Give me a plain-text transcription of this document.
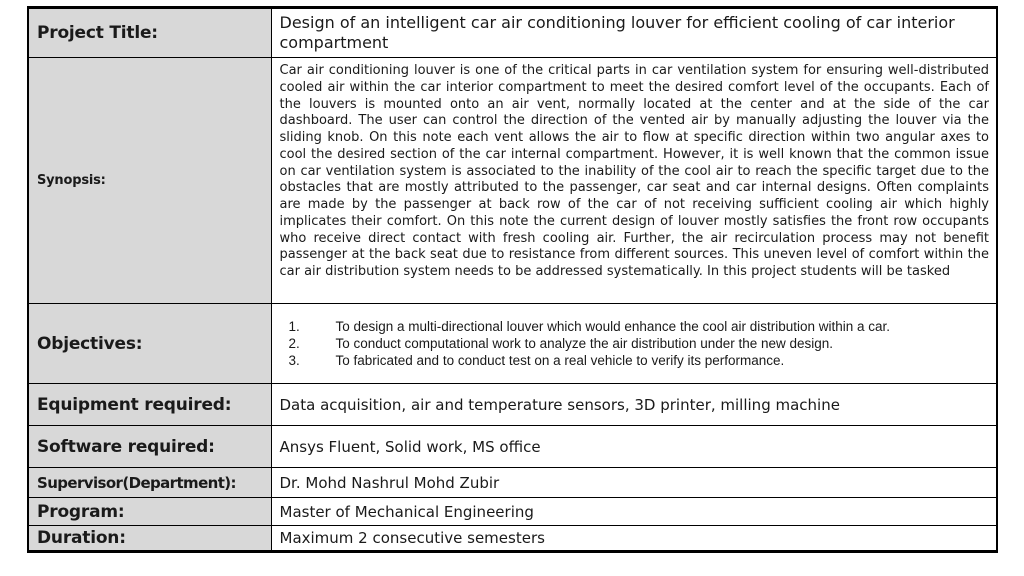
Project Title:	Design of an intelligent car air conditioning louver for efficient cooling of car interior compartment
Synopsis:	Car air conditioning louver is one of the critical parts in car ventilation system for ensuring well-distributed cooled air within the car interior compartment to meet the desired comfort level of the occupants. Each of the louvers is mounted onto an air vent, normally located at the center and at the side of the car dashboard. The user can control the direction of the vented air by manually adjusting the louver via the sliding knob. On this note each vent allows the air to flow at specific direction within two angular axes to cool the desired section of the car internal compartment. However, it is well known that the common issue on car ventilation system is associated to the inability of the cool air to reach the specific target due to the obstacles that are mostly attributed to the passenger, car seat and car internal designs. Often complaints are made by the passenger at back row of the car of not receiving sufficient cooling air which highly implicates their comfort. On this note the current design of louver mostly satisfies the front row occupants who receive direct contact with fresh cooling air. Further, the air recirculation process may not benefit passenger at the back seat due to resistance from different sources. This uneven level of comfort within the car air distribution system needs to be addressed systematically. In this project students will be tasked
Objectives:	
To design a multi-directional louver which would enhance the cool air distribution within a car.
To conduct computational work to analyze the air distribution under the new design.
To fabricated and to conduct test on a real vehicle to verify its performance.

Equipment required:	Data acquisition, air and temperature sensors, 3D printer, milling machine
Software required:	Ansys Fluent, Solid work, MS office
Supervisor(Department):	Dr. Mohd Nashrul Mohd Zubir
Program:	Master of Mechanical Engineering
Duration:	Maximum 2 consecutive semesters
